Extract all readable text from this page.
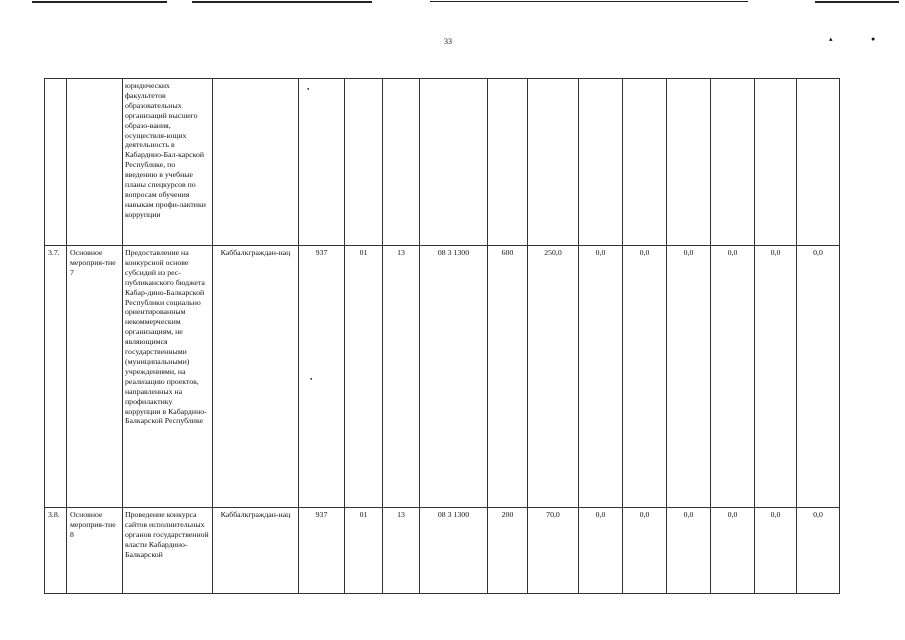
33	▴	●
●
●
		юридических факультетов образовательных организаций высшего образо-вания, осуществля-ющих деятельность в Кабардино-Бал-карской Республике, по введению в учебные планы спецкурсов по вопросам обучения навыкам профи-лактики коррупции													
3.7.	Основное мероприя-тие 7	Предоставление на конкурсной основе субсидий из рес-публиканского бюджета Кабар-дино-Балкарской Республики социально ориентированным некоммерческим организациям, не являющимся государственными (муниципальными) учреждениями, на реализацию проектов, направленных на профилактику коррупции в Кабардино-Балкарской Республике	Каббалкграждан-нац	937	01	13	08 3 1300	600	250,0	0,0	0,0	0,0	0,0	0,0	0,0
3.8.	Основное мероприя-тие 8	Проведение конкурса сайтов исполнительных органов государственной власти Кабардино-Балкарской	Каббалкграждан-нац	937	01	13	08 3 1300	200	70,0	0,0	0,0	0,0	0,0	0,0	0,0
